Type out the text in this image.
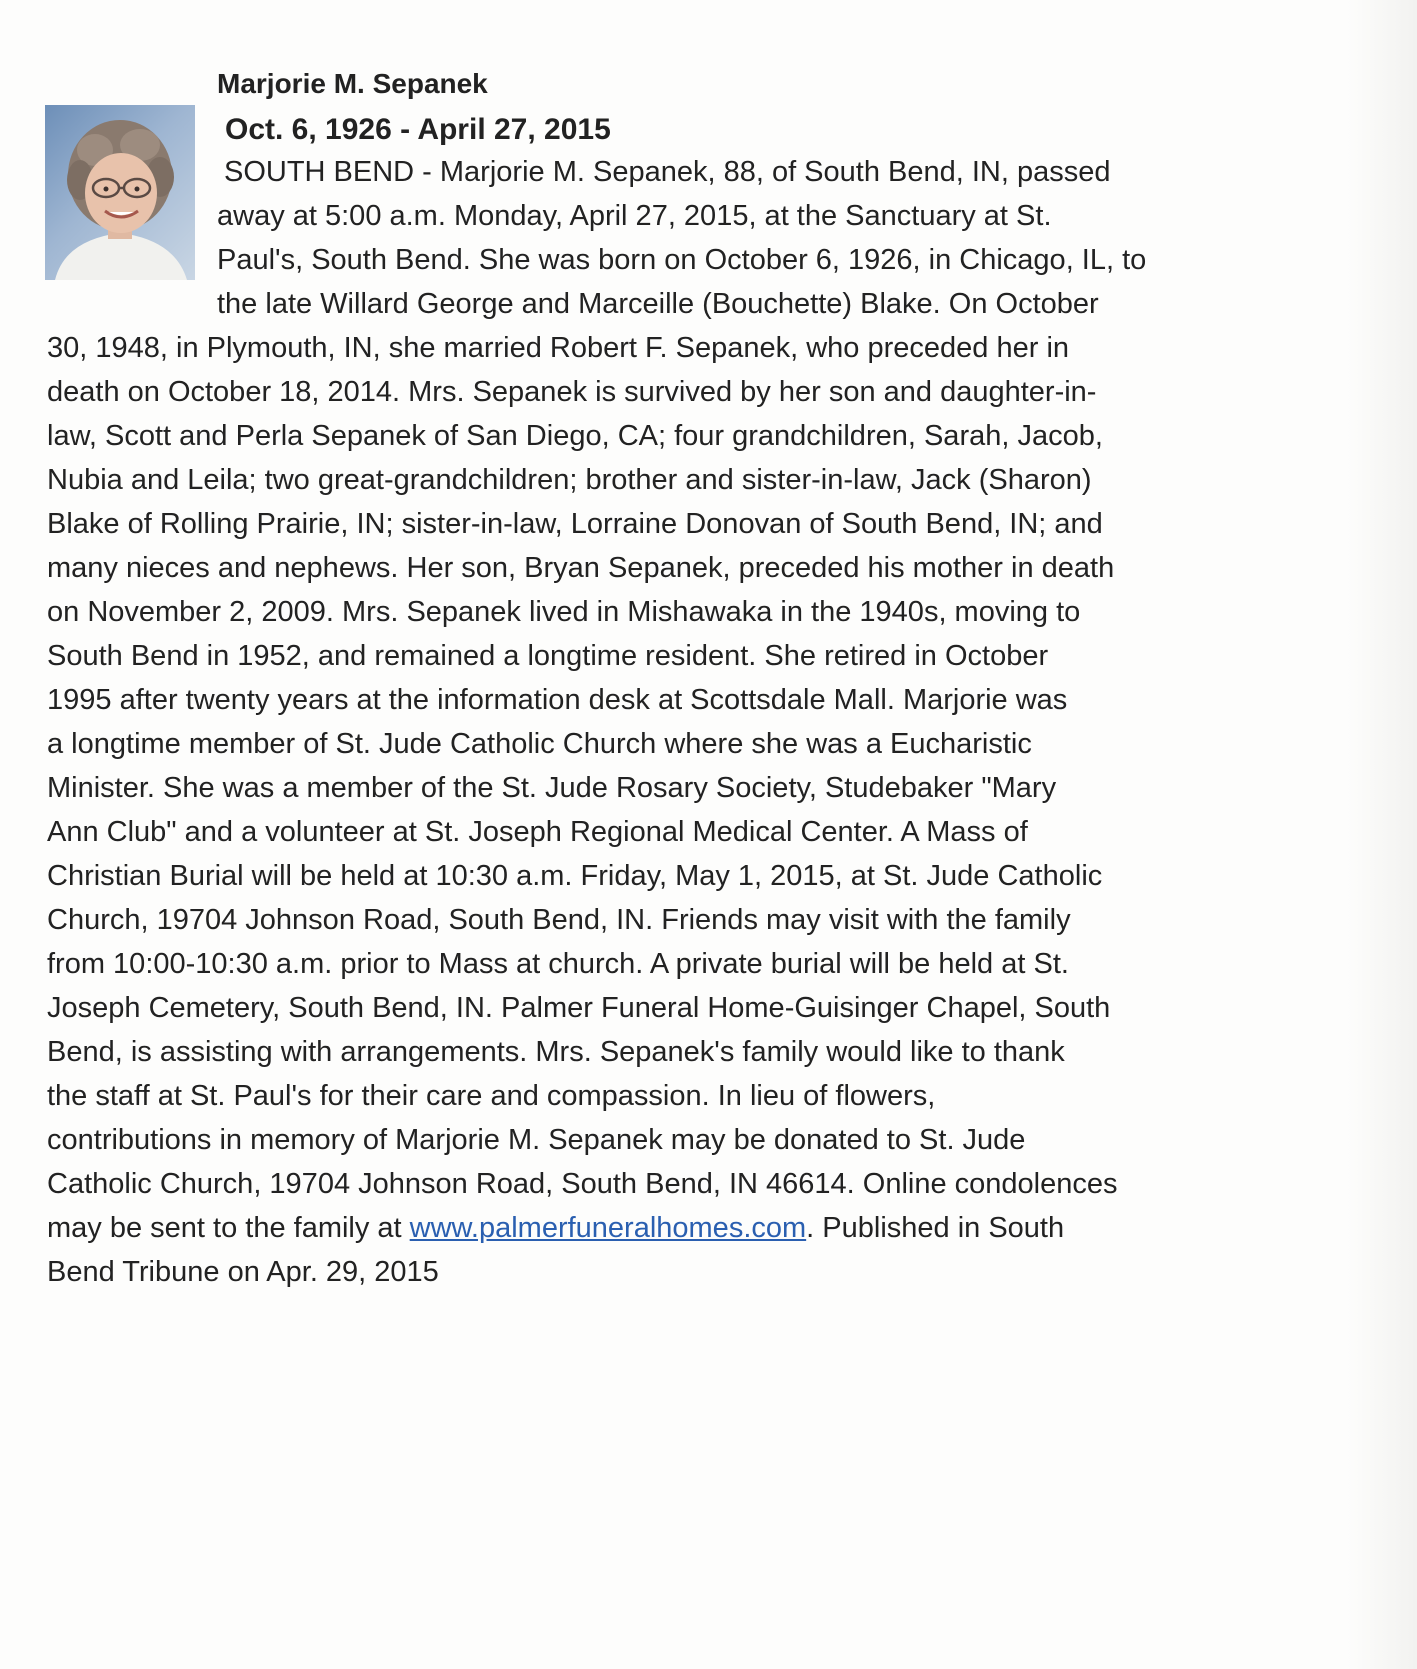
Marjorie M. Sepanek
Oct. 6, 1926 - April 27, 2015

SOUTH BEND - Marjorie M. Sepanek, 88, of South Bend, IN, passed

away at 5:00 a.m. Monday, April 27, 2015, at the Sanctuary at St.

Paul's, South Bend. She was born on October 6, 1926, in Chicago, IL, to

the late Willard George and Marceille (Bouchette) Blake. On October

30, 1948, in Plymouth, IN, she married Robert F. Sepanek, who preceded her in

death on October 18, 2014. Mrs. Sepanek is survived by her son and daughter-in-

law, Scott and Perla Sepanek of San Diego, CA; four grandchildren, Sarah, Jacob,

Nubia and Leila; two great-grandchildren; brother and sister-in-law, Jack (Sharon)

Blake of Rolling Prairie, IN; sister-in-law, Lorraine Donovan of South Bend, IN; and

many nieces and nephews. Her son, Bryan Sepanek, preceded his mother in death

on November 2, 2009. Mrs. Sepanek lived in Mishawaka in the 1940s, moving to

South Bend in 1952, and remained a longtime resident. She retired in October

1995 after twenty years at the information desk at Scottsdale Mall. Marjorie was

a longtime member of St. Jude Catholic Church where she was a Eucharistic

Minister. She was a member of the St. Jude Rosary Society, Studebaker "Mary

Ann Club" and a volunteer at St. Joseph Regional Medical Center. A Mass of

Christian Burial will be held at 10:30 a.m. Friday, May 1, 2015, at St. Jude Catholic

Church, 19704 Johnson Road, South Bend, IN. Friends may visit with the family

from 10:00-10:30 a.m. prior to Mass at church. A private burial will be held at St.

Joseph Cemetery, South Bend, IN. Palmer Funeral Home-Guisinger Chapel, South

Bend, is assisting with arrangements. Mrs. Sepanek's family would like to thank

the staff at St. Paul's for their care and compassion. In lieu of flowers,

contributions in memory of Marjorie M. Sepanek may be donated to St. Jude

Catholic Church, 19704 Johnson Road, South Bend, IN 46614. Online condolences

may be sent to the family at www.palmerfuneralhomes.com. Published in South

Bend Tribune on Apr. 29, 2015
